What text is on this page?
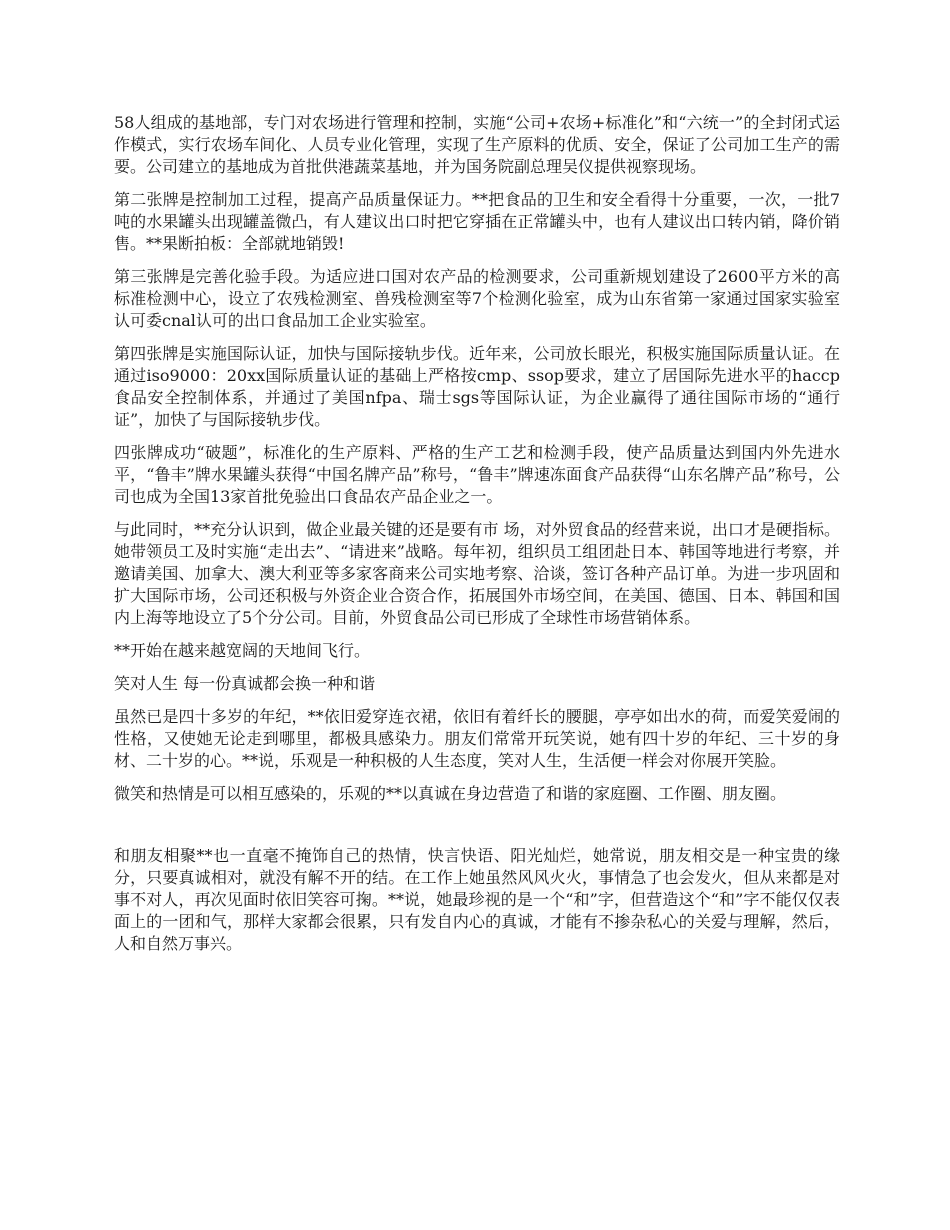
58人组成的基地部，专门对农场进行管理和控制，实施“公司+农场+标准化”和“六统一”的全封闭式运作模式，实行农场车间化、人员专业化管理，实现了生产原料的优质、安全，保证了公司加工生产的需要。公司建立的基地成为首批供港蔬菜基地，并为国务院副总理吴仪提供视察现场。

第二张牌是控制加工过程，提高产品质量保证力。**把食品的卫生和安全看得十分重要，一次，一批7吨的水果罐头出现罐盖微凸，有人建议出口时把它穿插在正常罐头中，也有人建议出口转内销，降价销售。**果断拍板：全部就地销毁!

第三张牌是完善化验手段。为适应进口国对农产品的检测要求，公司重新规划建设了2600平方米的高标准检测中心，设立了农残检测室、兽残检测室等7个检测化验室，成为山东省第一家通过国家实验室认可委cnal认可的出口食品加工企业实验室。

第四张牌是实施国际认证，加快与国际接轨步伐。近年来，公司放长眼光，积极实施国际质量认证。在通过iso9000：20xx国际质量认证的基础上严格按cmp、ssop要求，建立了居国际先进水平的haccp食品安全控制体系，并通过了美国nfpa、瑞士sgs等国际认证，为企业赢得了通往国际市场的“通行证”，加快了与国际接轨步伐。

四张牌成功“破题”，标准化的生产原料、严格的生产工艺和检测手段，使产品质量达到国内外先进水平，“鲁丰”牌水果罐头获得“中国名牌产品”称号，“鲁丰”牌速冻面食产品获得“山东名牌产品”称号，公司也成为全国13家首批免验出口食品农产品企业之一。

与此同时，**充分认识到，做企业最关键的还是要有市 场，对外贸食品的经营来说，出口才是硬指标。她带领员工及时实施“走出去”、“请进来”战略。每年初，组织员工组团赴日本、韩国等地进行考察，并邀请美国、加拿大、澳大利亚等多家客商来公司实地考察、洽谈，签订各种产品订单。为进一步巩固和扩大国际市场，公司还积极与外资企业合资合作，拓展国外市场空间，在美国、德国、日本、韩国和国内上海等地设立了5个分公司。目前，外贸食品公司已形成了全球性市场营销体系。

**开始在越来越宽阔的天地间飞行。

笑对人生 每一份真诚都会换一种和谐

虽然已是四十多岁的年纪，**依旧爱穿连衣裙，依旧有着纤长的腰腿，亭亭如出水的荷，而爱笑爱闹的性格，又使她无论走到哪里，都极具感染力。朋友们常常开玩笑说，她有四十岁的年纪、三十岁的身材、二十岁的心。**说，乐观是一种积极的人生态度，笑对人生，生活便一样会对你展开笑脸。

微笑和热情是可以相互感染的，乐观的**以真诚在身边营造了和谐的家庭圈、工作圈、朋友圈。

和朋友相聚**也一直毫不掩饰自己的热情，快言快语、阳光灿烂，她常说，朋友相交是一种宝贵的缘分，只要真诚相对，就没有解不开的结。在工作上她虽然风风火火，事情急了也会发火，但从来都是对事不对人，再次见面时依旧笑容可掬。**说，她最珍视的是一个“和”字，但营造这个“和”字不能仅仅表面上的一团和气，那样大家都会很累，只有发自内心的真诚，才能有不掺杂私心的关爱与理解，然后，人和自然万事兴。
